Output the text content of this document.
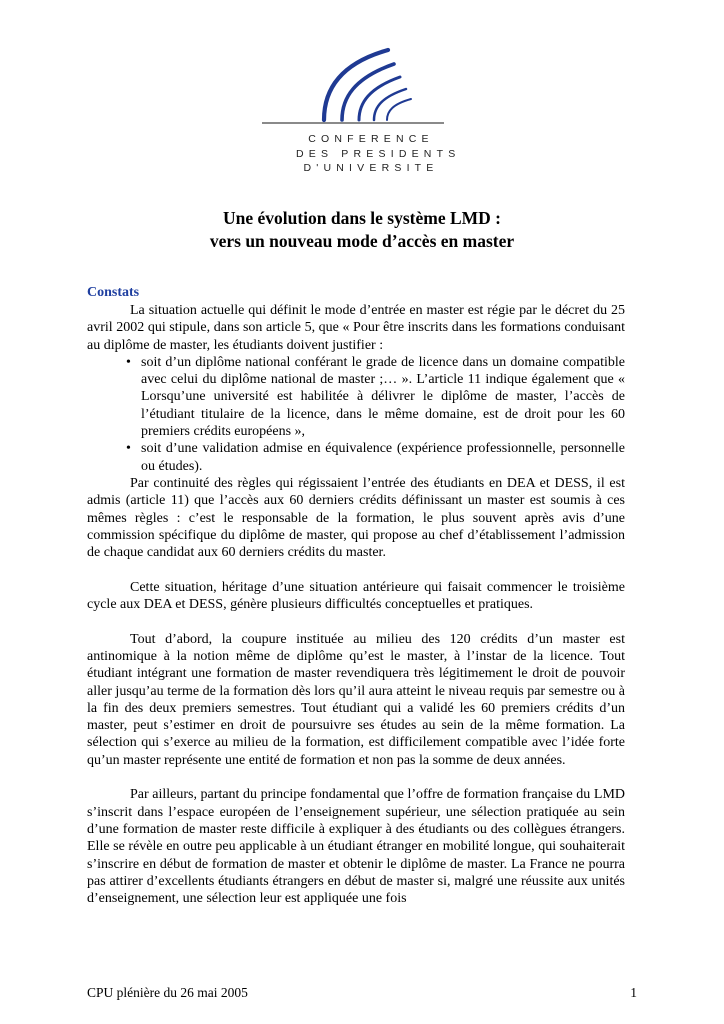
CONFERENCE
DES PRESIDENTS
D'UNIVERSITE
Une évolution dans le système LMD :
vers un nouveau mode d’accès en master
Constats

La situation actuelle qui définit le mode d’entrée en master est régie par le décret du 25 avril 2002 qui stipule, dans son article 5, que « Pour être inscrits dans les formations conduisant au diplôme de master, les étudiants doivent justifier :

• soit d’un diplôme national conférant le grade de licence dans un domaine compatible avec celui du diplôme national de master ;… ». L’article 11 indique également que « Lorsqu’une université est habilitée à délivrer le diplôme de master, l’accès de l’étudiant titulaire de la licence, dans le même domaine, est de droit pour les 60 premiers crédits européens »,
• soit d’une validation admise en équivalence (expérience professionnelle, personnelle ou études).

Par continuité des règles qui régissaient l’entrée des étudiants en DEA et DESS, il est admis (article 11) que l’accès aux 60 derniers crédits définissant un master est soumis à ces mêmes règles : c’est le responsable de la formation, le plus souvent après avis d’une commission spécifique du diplôme de master, qui propose au chef d’établissement l’admission de chaque candidat aux 60 derniers crédits du master.

Cette situation, héritage d’une situation antérieure qui faisait commencer le troisième cycle aux DEA et DESS, génère plusieurs difficultés conceptuelles et pratiques.

Tout d’abord, la coupure instituée au milieu des 120 crédits d’un master est antinomique à la notion même de diplôme qu’est le master, à l’instar de la licence. Tout étudiant intégrant une formation de master revendiquera très légitimement le droit de pouvoir aller jusqu’au terme de la formation dès lors qu’il aura atteint le niveau requis par semestre ou à la fin des deux premiers semestres. Tout étudiant qui a validé les 60 premiers crédits d’un master, peut s’estimer en droit de poursuivre ses études au sein de la même formation. La sélection qui s’exerce au milieu de la formation, est difficilement compatible avec l’idée forte qu’un master représente une entité de formation et non pas la somme de deux années.

Par ailleurs, partant du principe fondamental que l’offre de formation française du LMD s’inscrit dans l’espace européen de l’enseignement supérieur, une sélection pratiquée au sein d’une formation de master reste difficile à expliquer à des étudiants ou des collègues étrangers. Elle se révèle en outre peu applicable à un étudiant étranger en mobilité longue, qui souhaiterait s’inscrire en début de formation de master et obtenir le diplôme de master. La France ne pourra pas attirer d’excellents étudiants étrangers en début de master si, malgré une réussite aux unités d’enseignement, une sélection leur est appliquée une fois

CPU plénière du 26 mai 2005	1
